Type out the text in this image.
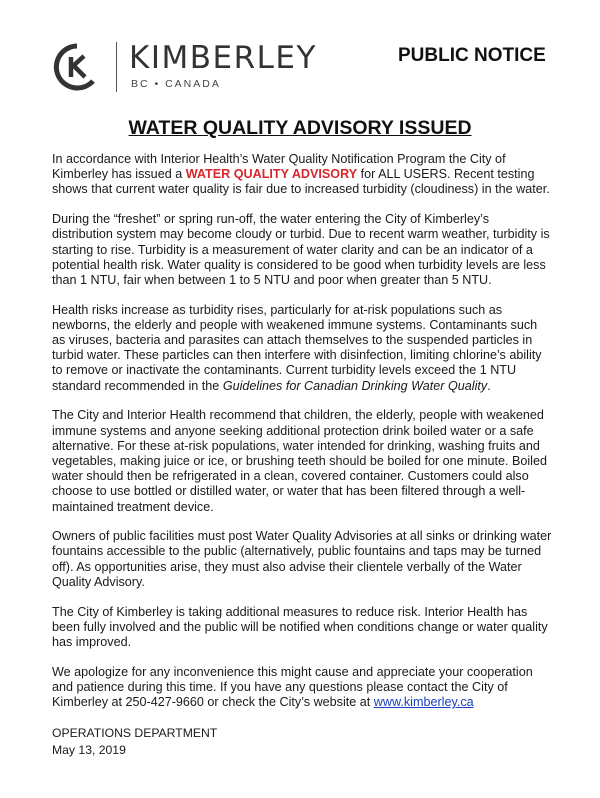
KIMBERLEY
BC • CANADA
PUBLIC NOTICE
WATER QUALITY ADVISORY ISSUED

In accordance with Interior Health’s Water Quality Notification Program the City of Kimberley has issued a WATER QUALITY ADVISORY for ALL USERS. Recent testing shows that current water quality is fair due to increased turbidity (cloudiness) in the water.

During the “freshet” or spring run-off, the water entering the City of Kimberley’s distribution system may become cloudy or turbid. Due to recent warm weather, turbidity is starting to rise. Turbidity is a measurement of water clarity and can be an indicator of a potential health risk. Water quality is considered to be good when turbidity levels are less than 1 NTU, fair when between 1 to 5 NTU and poor when greater than 5 NTU.

Health risks increase as turbidity rises, particularly for at-risk populations such as newborns, the elderly and people with weakened immune systems. Contaminants such as viruses, bacteria and parasites can attach themselves to the suspended particles in turbid water. These particles can then interfere with disinfection, limiting chlorine’s ability to remove or inactivate the contaminants. Current turbidity levels exceed the 1 NTU standard recommended in the Guidelines for Canadian Drinking Water Quality.

The City and Interior Health recommend that children, the elderly, people with weakened immune systems and anyone seeking additional protection drink boiled water or a safe alternative. For these at-risk populations, water intended for drinking, washing fruits and vegetables, making juice or ice, or brushing teeth should be boiled for one minute. Boiled water should then be refrigerated in a clean, covered container. Customers could also choose to use bottled or distilled water, or water that has been filtered through a well-maintained treatment device.

Owners of public facilities must post Water Quality Advisories at all sinks or drinking water fountains accessible to the public (alternatively, public fountains and taps may be turned off). As opportunities arise, they must also advise their clientele verbally of the Water Quality Advisory.

The City of Kimberley is taking additional measures to reduce risk. Interior Health has been fully involved and the public will be notified when conditions change or water quality has improved.

We apologize for any inconvenience this might cause and appreciate your cooperation and patience during this time. If you have any questions please contact the City of Kimberley at 250-427-9660 or check the City’s website at www.kimberley.ca

OPERATIONS DEPARTMENT
May 13, 2019
